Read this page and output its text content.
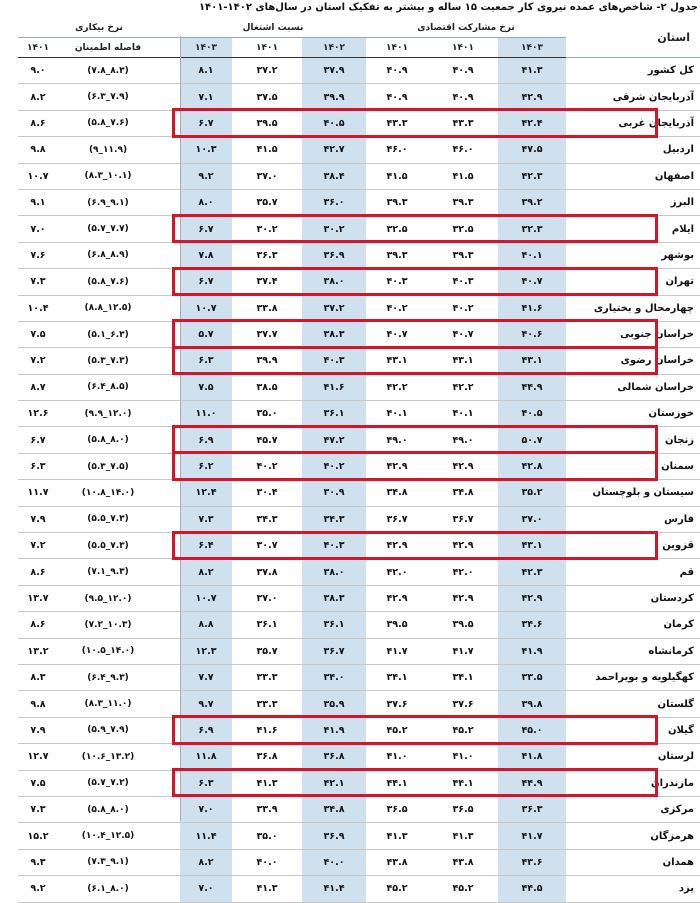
جدول ۲- شاخص‌های عمده نیروی کار جمعیت ۱۵ ساله و بیشتر به تفکیک استان در سال‌های ۱۴۰۲-۱۴۰۱
نرخ بیکاری			نسبت اشتغال			نرخ مشارکت اقتصادی			استان
۱۴۰۱	فاصله اطمینان		۱۴۰۳	۱۴۰۱	۱۴۰۲	۱۴۰۱	۱۴۰۱	۱۴۰۳	
۹.۰	(۷.۸_۸.۳)		۸.۱	۳۷.۲	۳۷.۹	۴۰.۹	۴۰.۹	۴۱.۳	کل کشور
۸.۲	(۶.۳_۷.۹)		۷.۱	۳۷.۵	۳۹.۹	۴۰.۹	۴۰.۹	۴۲.۹	آذربایجان شرقی
۸.۶	(۵.۸_۷.۶)		۶.۷	۳۹.۵	۴۰.۵	۴۳.۳	۴۳.۳	۴۲.۴	آذربایجان غربی
۹.۸	(۹_۱۱.۹)		۱۰.۳	۴۱.۵	۴۲.۷	۴۶.۰	۴۶.۰	۴۷.۵	اردبیل
۱۰.۷	(۸.۳_۱۰.۱)		۹.۲	۳۷.۰	۳۸.۴	۴۱.۵	۴۱.۵	۴۲.۳	اصفهان
۹.۱	(۶.۹_۹.۱)		۸.۰	۳۵.۷	۳۶.۰	۳۹.۳	۳۹.۳	۳۹.۲	البرز
۷.۰	(۵.۷_۷.۷)		۶.۷	۳۰.۲	۳۰.۲	۳۲.۵	۳۲.۵	۳۲.۳	ایلام
۷.۶	(۶.۸_۸.۹)		۷.۸	۳۶.۳	۳۶.۹	۳۹.۳	۳۹.۳	۴۰.۱	بوشهر
۷.۳	(۵.۸_۷.۶)		۶.۷	۳۷.۴	۳۸.۰	۴۰.۳	۴۰.۳	۴۰.۷	تهران
۱۰.۴	(۸.۸_۱۲.۵)		۱۰.۷	۳۳.۸	۳۷.۲	۴۰.۲	۴۰.۲	۴۱.۶	چهارمحال و بختیاری
۷.۵	(۵.۱_۶.۳)		۵.۷	۳۷.۷	۳۸.۳	۴۰.۷	۴۰.۷	۴۰.۶	خراسان جنوبی
۷.۲	(۵.۳_۷.۳)		۶.۳	۳۹.۹	۴۰.۳	۴۳.۱	۴۳.۱	۴۳.۱	خراسان رضوی
۸.۷	(۶.۴_۸.۵)		۷.۵	۳۸.۵	۴۱.۶	۴۲.۲	۴۲.۲	۴۴.۹	خراسان شمالی
۱۲.۶	(۹.۹_۱۲.۰)		۱۱.۰	۳۵.۰	۳۶.۱	۴۰.۱	۴۰.۱	۴۰.۵	خوزستان
۶.۷	(۵.۸_۸.۰)		۶.۹	۴۵.۷	۴۷.۲	۴۹.۰	۴۹.۰	۵۰.۷	زنجان
۶.۳	(۵.۳_۷.۵)		۶.۲	۴۰.۲	۴۰.۲	۴۲.۹	۴۲.۹	۴۲.۸	سمنان
۱۱.۷	(۱۰.۸_۱۴.۰)		۱۲.۴	۳۰.۴	۳۰.۹	۳۴.۸	۳۴.۸	۳۵.۲	سیستان و بلوچستان
۷.۹	(۵.۵_۷.۳)		۷.۳	۳۴.۳	۳۴.۳	۳۶.۷	۳۶.۷	۳۷.۰	فارس
۷.۲	(۵.۵_۷.۳)		۶.۴	۳۰.۷	۴۰.۳	۴۲.۹	۴۲.۹	۴۳.۱	قزوین
۸.۶	(۷.۱_۹.۳)		۸.۲	۳۷.۸	۳۸.۰	۴۲.۰	۴۲.۰	۴۲.۳	قم
۱۳.۷	(۹.۵_۱۲.۰)		۱۰.۷	۳۷.۰	۳۸.۳	۴۲.۹	۴۲.۹	۴۲.۹	کردستان
۸.۶	(۷.۲_۱۰.۳)		۸.۸	۳۶.۱	۳۶.۱	۳۹.۵	۳۹.۵	۳۴.۶	کرمان
۱۳.۲	(۱۰.۵_۱۴.۰)		۱۲.۳	۳۵.۷	۳۶.۷	۴۱.۷	۴۱.۷	۴۱.۹	کرمانشاه
۸.۳	(۶.۴_۹.۳)		۷.۷	۳۳.۳	۳۴.۰	۳۴.۱	۳۴.۱	۳۳.۵	کهگیلویه و بویراحمد
۹.۸	(۸.۳_۱۱.۰)		۹.۷	۳۳.۳	۳۵.۹	۳۷.۶	۳۷.۶	۳۹.۸	گلستان
۷.۹	(۵.۹_۷.۹)		۶.۹	۴۱.۶	۴۱.۹	۴۵.۲	۴۵.۲	۴۵.۰	گیلان
۱۲.۷	(۱۰.۶_۱۳.۲)		۱۱.۸	۳۶.۸	۳۶.۸	۴۱.۰	۴۱.۰	۴۱.۸	لرستان
۷.۵	(۵.۷_۷.۲)		۶.۳	۴۱.۳	۴۲.۱	۴۴.۱	۴۴.۱	۴۴.۹	مازندران
۷.۳	(۵.۸_۸.۰)		۷.۰	۳۳.۹	۳۴.۸	۳۶.۵	۳۶.۵	۳۶.۳	مرکزی
۱۵.۲	(۱۰.۴_۱۲.۵)		۱۱.۴	۳۵.۰	۳۶.۹	۴۱.۳	۴۱.۳	۴۱.۷	هرمزگان
۹.۳	(۷.۳_۹.۱)		۸.۲	۴۰.۰	۴۰.۰	۴۳.۸	۴۳.۸	۴۳.۶	همدان
۹.۲	(۶.۱_۸.۰)		۷.۰	۴۱.۳	۴۱.۴	۴۵.۲	۴۵.۲	۴۴.۵	یزد
